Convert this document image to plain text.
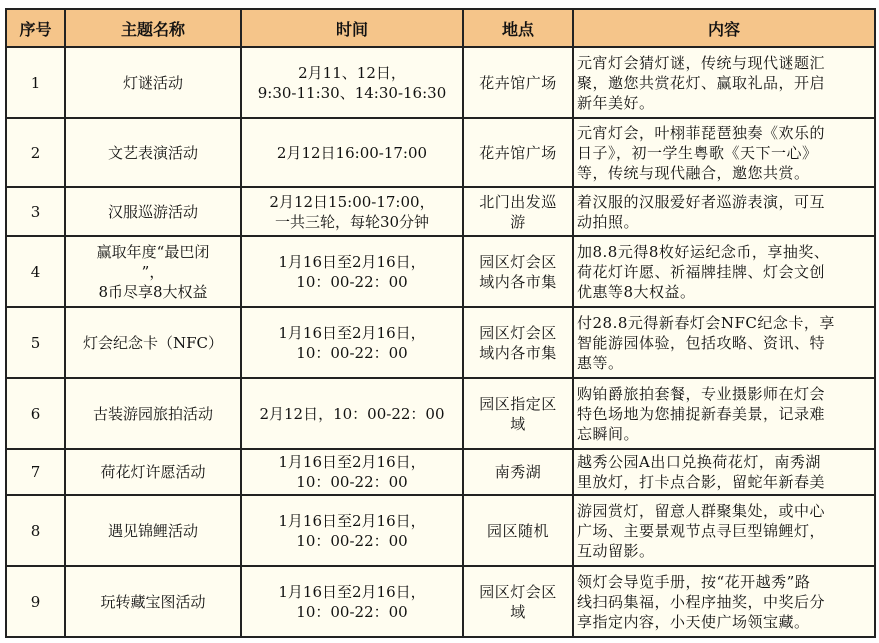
序号	主题名称	时间	地点	内容
1	灯谜活动	2月11、12日，
9:30-11:30、14:30-16:30	花卉馆广场	元宵灯会猜灯谜，传统与现代谜题汇
聚，邀您共赏花灯、赢取礼品，开启
新年美好。

2	文艺表演活动	2月12日16:00-17:00	花卉馆广场	元宵灯会，叶栩菲琵琶独奏《欢乐的
日子》，初一学生粤歌《天下一心》
等，传统与现代融合，邀您共赏。

3	汉服巡游活动	2月12日15:00-17:00，
一共三轮，每轮30分钟	北门出发巡
游	着汉服的汉服爱好者巡游表演，可互
动拍照。

4	赢取年度“最巴闭
”，
8币尽享8大权益	1月16日至2月16日，
10：00-22：00	园区灯会区
域内各市集	加8.8元得8枚好运纪念币，享抽奖、
荷花灯许愿、祈福牌挂牌、灯会文创
优惠等8大权益。

5	灯会纪念卡（NFC）	1月16日至2月16日，
10：00-22：00	园区灯会区
域内各市集	付28.8元得新春灯会NFC纪念卡，享
智能游园体验，包括攻略、资讯、特
惠等。

6	古装游园旅拍活动	2月12日，10：00-22：00	园区指定区
域	购铂爵旅拍套餐，专业摄影师在灯会
特色场地为您捕捉新春美景，记录难
忘瞬间。

7	荷花灯许愿活动	1月16日至2月16日，
10：00-22：00	南秀湖	越秀公园A出口兑换荷花灯，南秀湖
里放灯，打卡点合影，留蛇年新春美

8	遇见锦鲤活动	1月16日至2月16日，
10：00-22：00	园区随机	游园赏灯，留意人群聚集处，或中心
广场、主要景观节点寻巨型锦鲤灯，
互动留影。

9	玩转藏宝图活动	1月16日至2月16日，
10：00-22：00	园区灯会区
域	领灯会导览手册，按“花开越秀”路
线扫码集福，小程序抽奖，中奖后分
享指定内容，小天使广场领宝藏。
